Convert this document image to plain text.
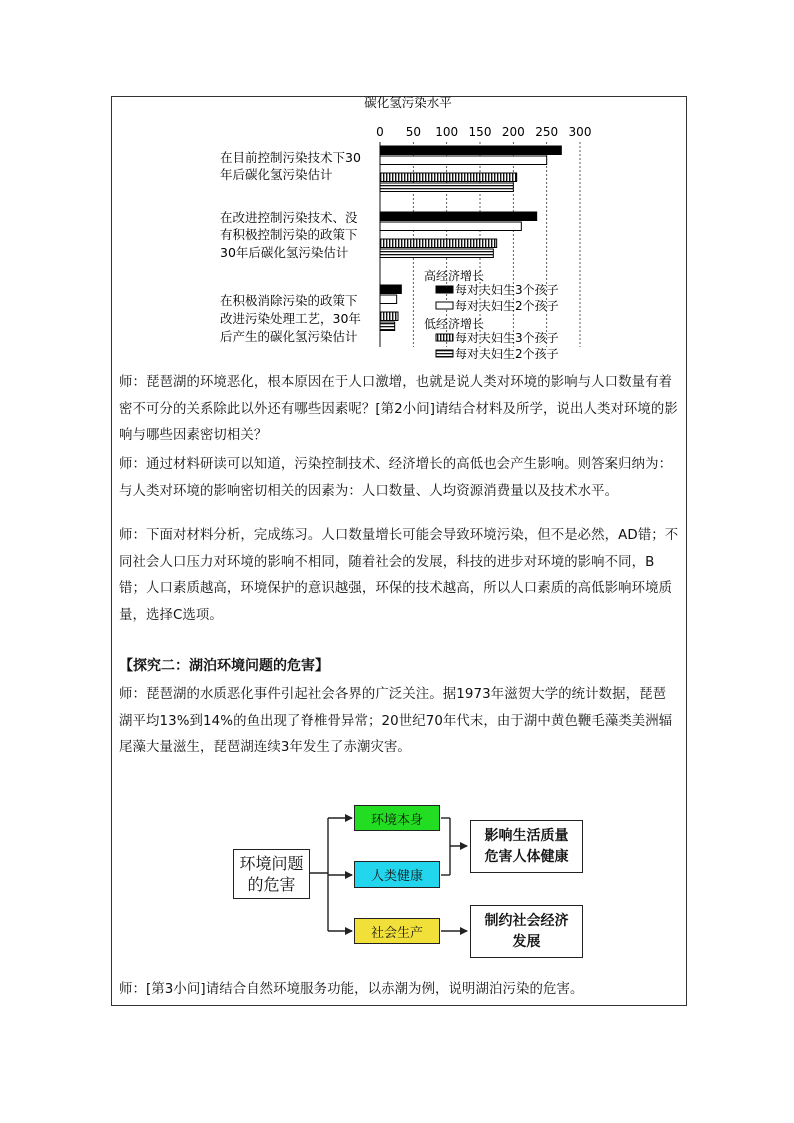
碳化氢污染水平
0 50 100 150 200 250 300
在目前控制污染技术下30
年后碳化氢污染估计
在改进控制污染技术、没
有积极控制污染的政策下
30年后碳化氢污染估计
在积极消除污染的政策下
改进污染处理工艺，30年
后产生的碳化氢污染估计
高经济增长
每对夫妇生3个孩子
每对夫妇生2个孩子
低经济增长
每对夫妇生3个孩子
每对夫妇生2个孩子
师：琵琶湖的环境恶化，根本原因在于人口激增，也就是说人类对环境的影响与人口数量有着密不可分的关系除此以外还有哪些因素呢？[第2小问]请结合材料及所学，说出人类对环境的影响与哪些因素密切相关？
师：通过材料研读可以知道，污染控制技术、经济增长的高低也会产生影响。则答案归纳为：与人类对环境的影响密切相关的因素为：人口数量、人均资源消费量以及技术水平。
师：下面对材料分析，完成练习。人口数量增长可能会导致环境污染，但不是必然，AD错；不同社会人口压力对环境的影响不相同，随着社会的发展，科技的进步对环境的影响不同，B错；人口素质越高，环境保护的意识越强，环保的技术越高，所以人口素质的高低影响环境质量，选择C选项。
【探究二：湖泊环境问题的危害】
师：琵琶湖的水质恶化事件引起社会各界的广泛关注。据1973年滋贺大学的统计数据，琵琶湖平均13%到14%的鱼出现了脊椎骨异常；20世纪70年代末，由于湖中黄色鞭毛藻类美洲辐尾藻大量滋生，琵琶湖连续3年发生了赤潮灾害。
环境问题
的危害
环境本身
人类健康
社会生产
影响生活质量
危害人体健康
制约社会经济
发展
师：[第3小问]请结合自然环境服务功能，以赤潮为例，说明湖泊污染的危害。
